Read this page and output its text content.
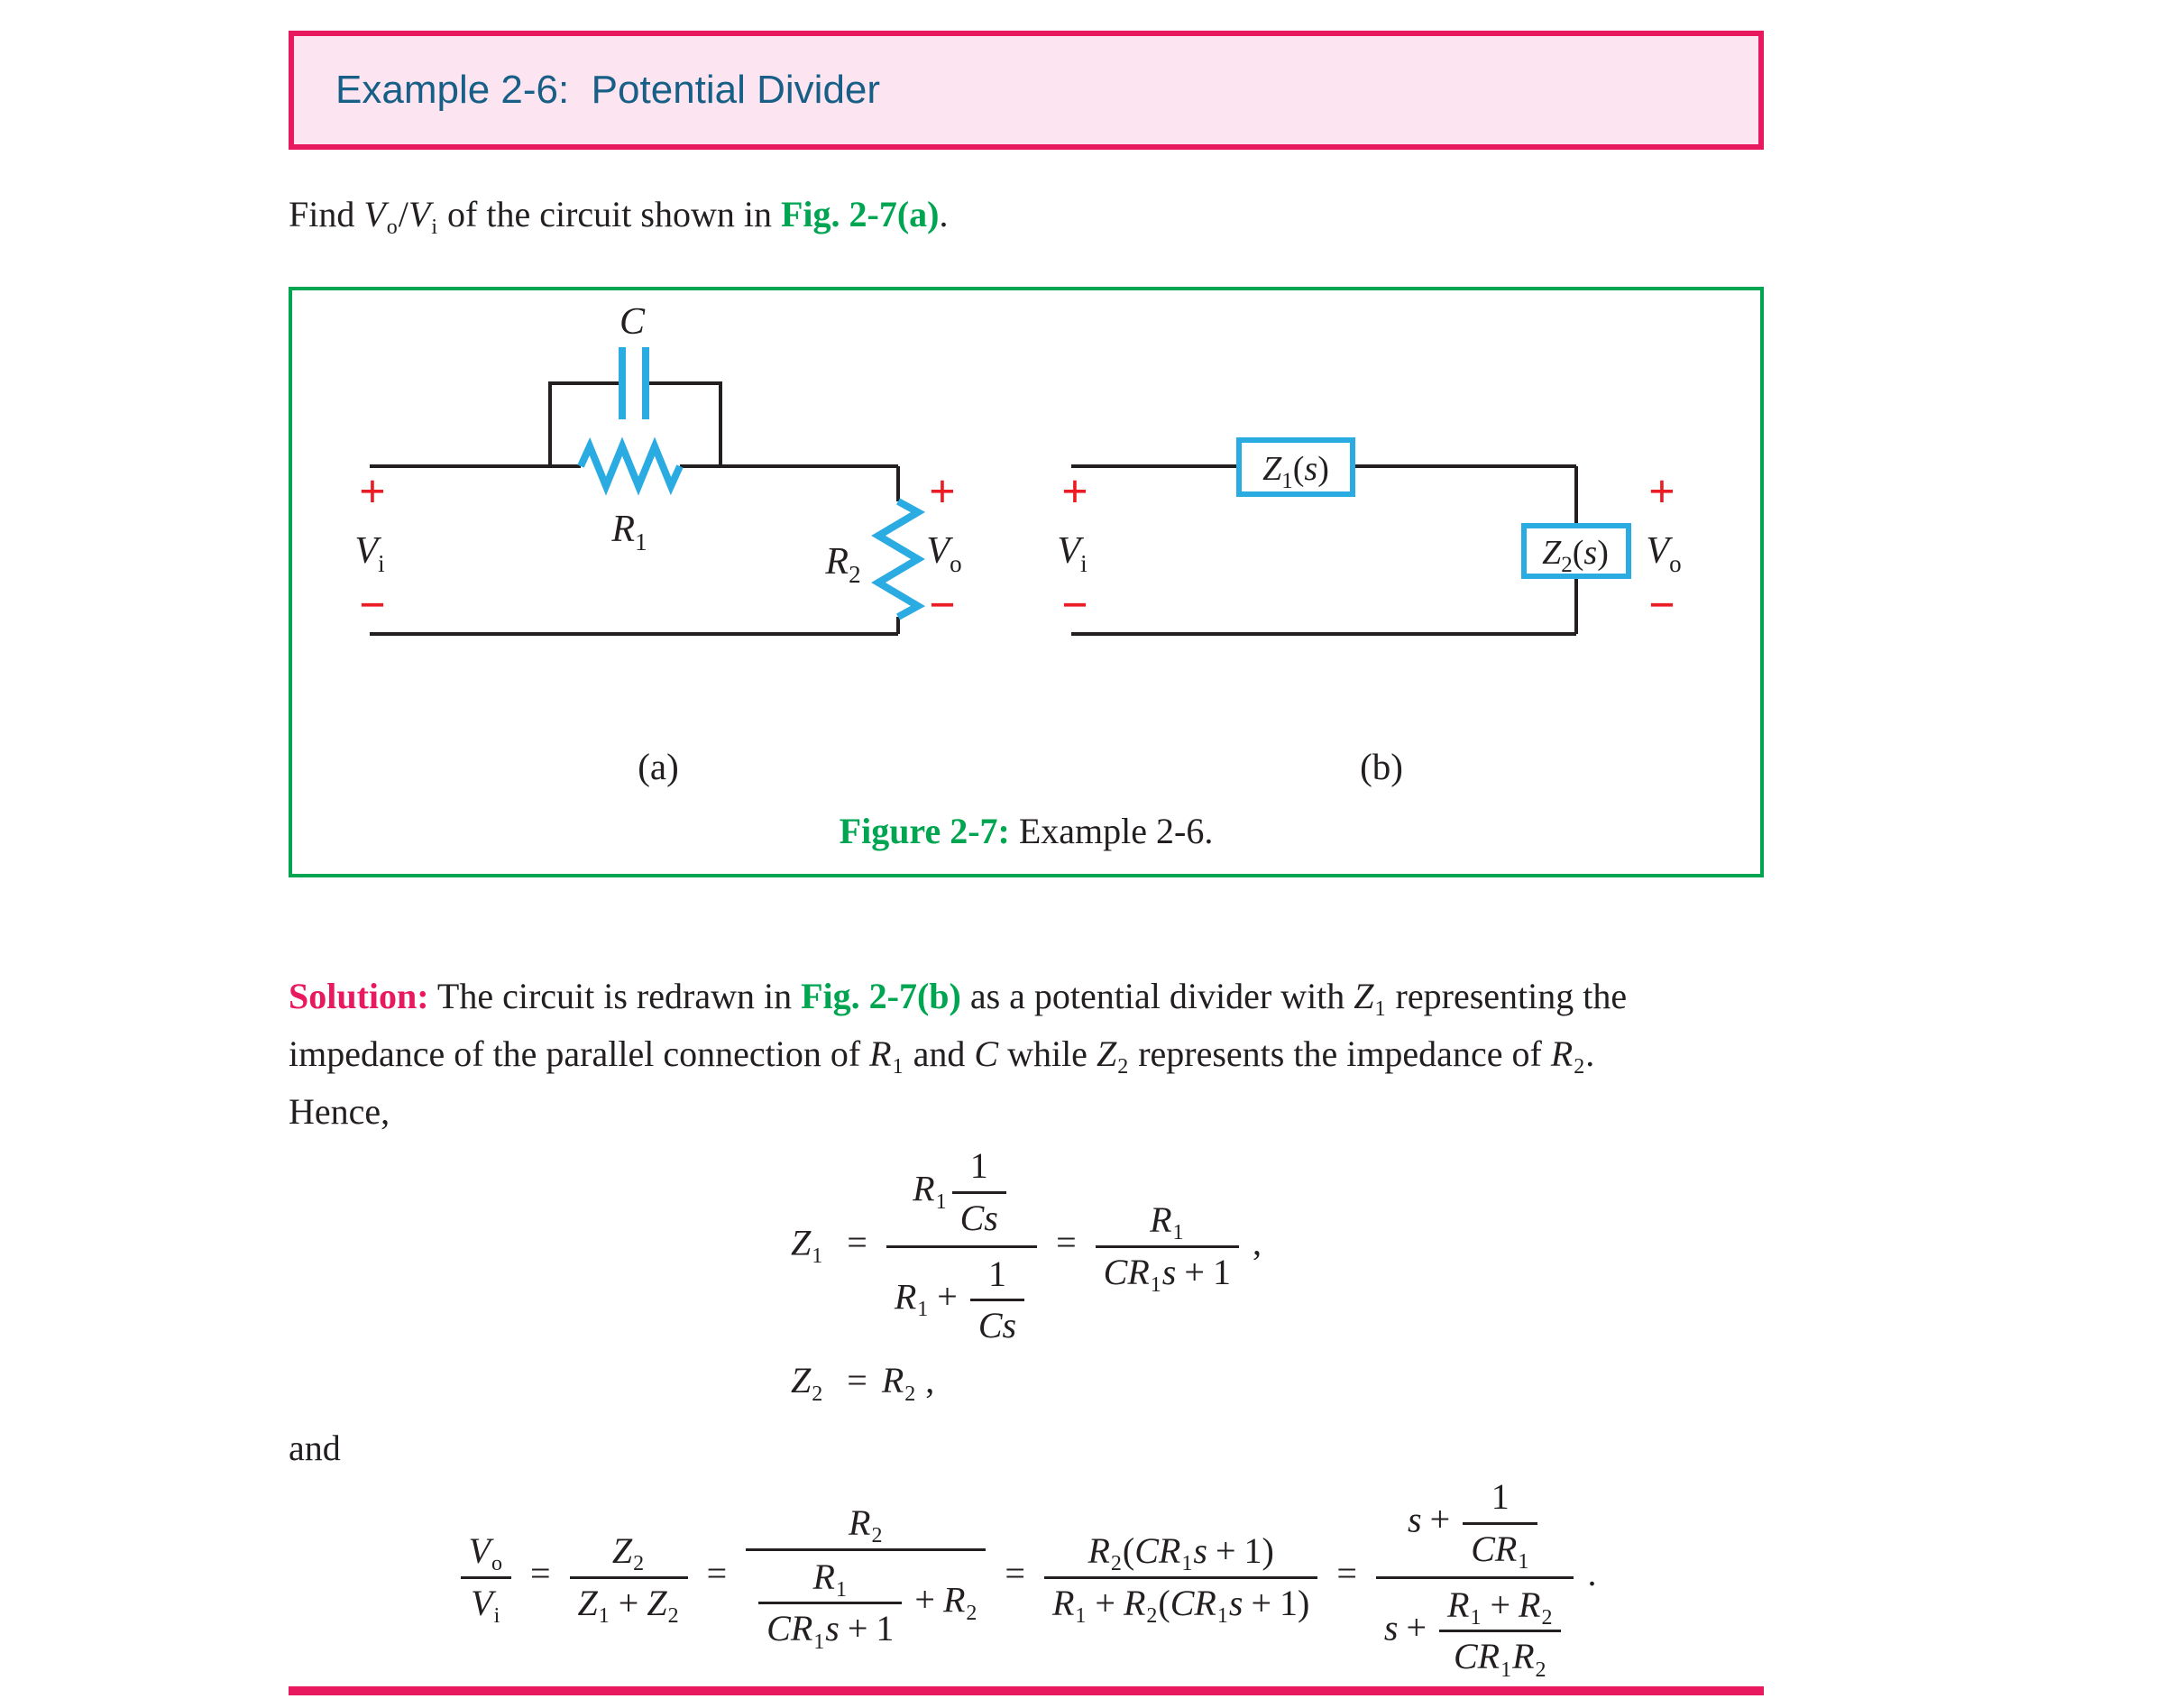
Example 2-6:  Potential Divider
Find $V_o/V_i$ of the circuit shown in Fig. 2-7(a).
C
$R_1$	$R_2$
$Z_1(s)$
$Z_2(s)$
+
$V_i$
−
+
$V_o$
−
+
$V_i$
−
+
$V_o$
−
(a)	(b)
Figure 2-7: Example 2-6.
Solution: The circuit is redrawn in Fig. 2-7(b) as a potential divider with $Z_1$ representing the
impedance of the parallel connection of $R_1$ and C while $Z_2$ represents the impedance of $R_2$.
Hence,
$Z_1 = \frac{R_1 \frac{1}{Cs}}{R_1 + \frac{1}{Cs}} = \frac{R_1}{CR_1s + 1}$ ,
$Z_2 = R_2$ ,
and
$\frac{V_o}{V_i} = \frac{Z_2}{Z_1 + Z_2} = \frac{R_2}{\frac{R_1}{CR_1s + 1} + R_2} = \frac{R_2(CR_1s + 1)}{R_1 + R_2(CR_1s + 1)} = \frac{s + \frac{1}{CR_1}}{s + \frac{R_1 + R_2}{CR_1R_2}}$ .
